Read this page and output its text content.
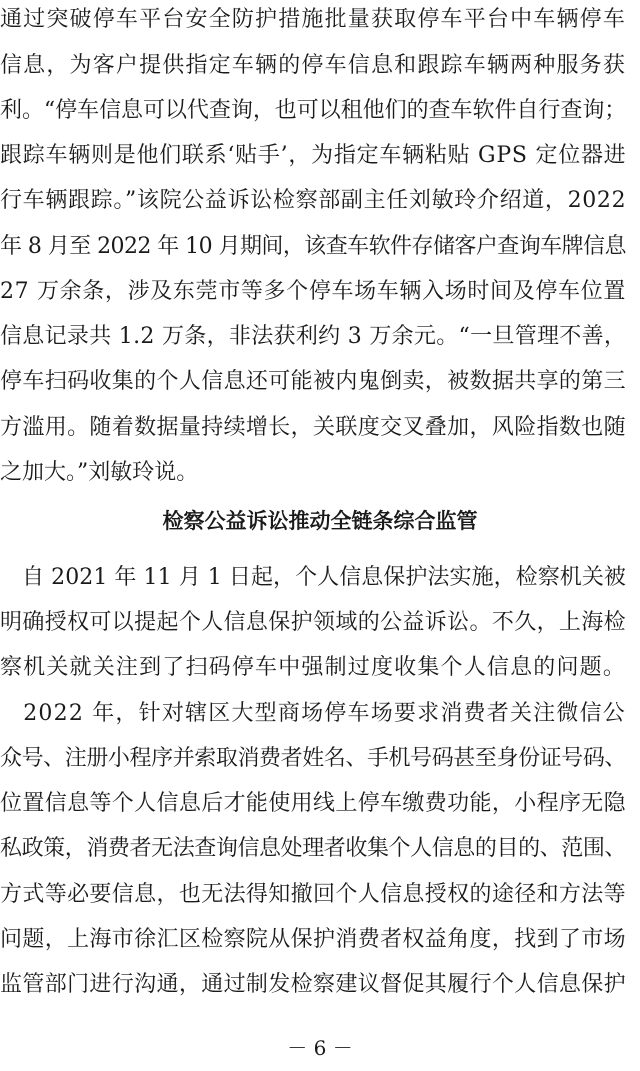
通过突破停车平台安全防护措施批量获取停车平台中车辆停车
信息，为客户提供指定车辆的停车信息和跟踪车辆两种服务获
利。“停车信息可以代查询，也可以租他们的查车软件自行查询；
跟踪车辆则是他们联系‘贴手’，为指定车辆粘贴 GPS 定位器进
行车辆跟踪。”该院公益诉讼检察部副主任刘敏玲介绍道，2022
年 8 月至 2022 年 10 月期间，该查车软件存储客户查询车牌信息
27 万余条，涉及东莞市等多个停车场车辆入场时间及停车位置
信息记录共 1.2 万条，非法获利约 3 万余元。“一旦管理不善，
停车扫码收集的个人信息还可能被内鬼倒卖，被数据共享的第三
方滥用。随着数据量持续增长，关联度交叉叠加，风险指数也随
之加大。”刘敏玲说。
检察公益诉讼推动全链条综合监管
　自 2021 年 11 月 1 日起，个人信息保护法实施，检察机关被
明确授权可以提起个人信息保护领域的公益诉讼。不久，上海检
察机关就关注到了扫码停车中强制过度收集个人信息的问题。
　2022 年，针对辖区大型商场停车场要求消费者关注微信公
众号、注册小程序并索取消费者姓名、手机号码甚至身份证号码、
位置信息等个人信息后才能使用线上停车缴费功能，小程序无隐
私政策，消费者无法查询信息处理者收集个人信息的目的、范围、
方式等必要信息，也无法得知撤回个人信息授权的途径和方法等
问题，上海市徐汇区检察院从保护消费者权益角度，找到了市场
监管部门进行沟通，通过制发检察建议督促其履行个人信息保护
－ 6 －
